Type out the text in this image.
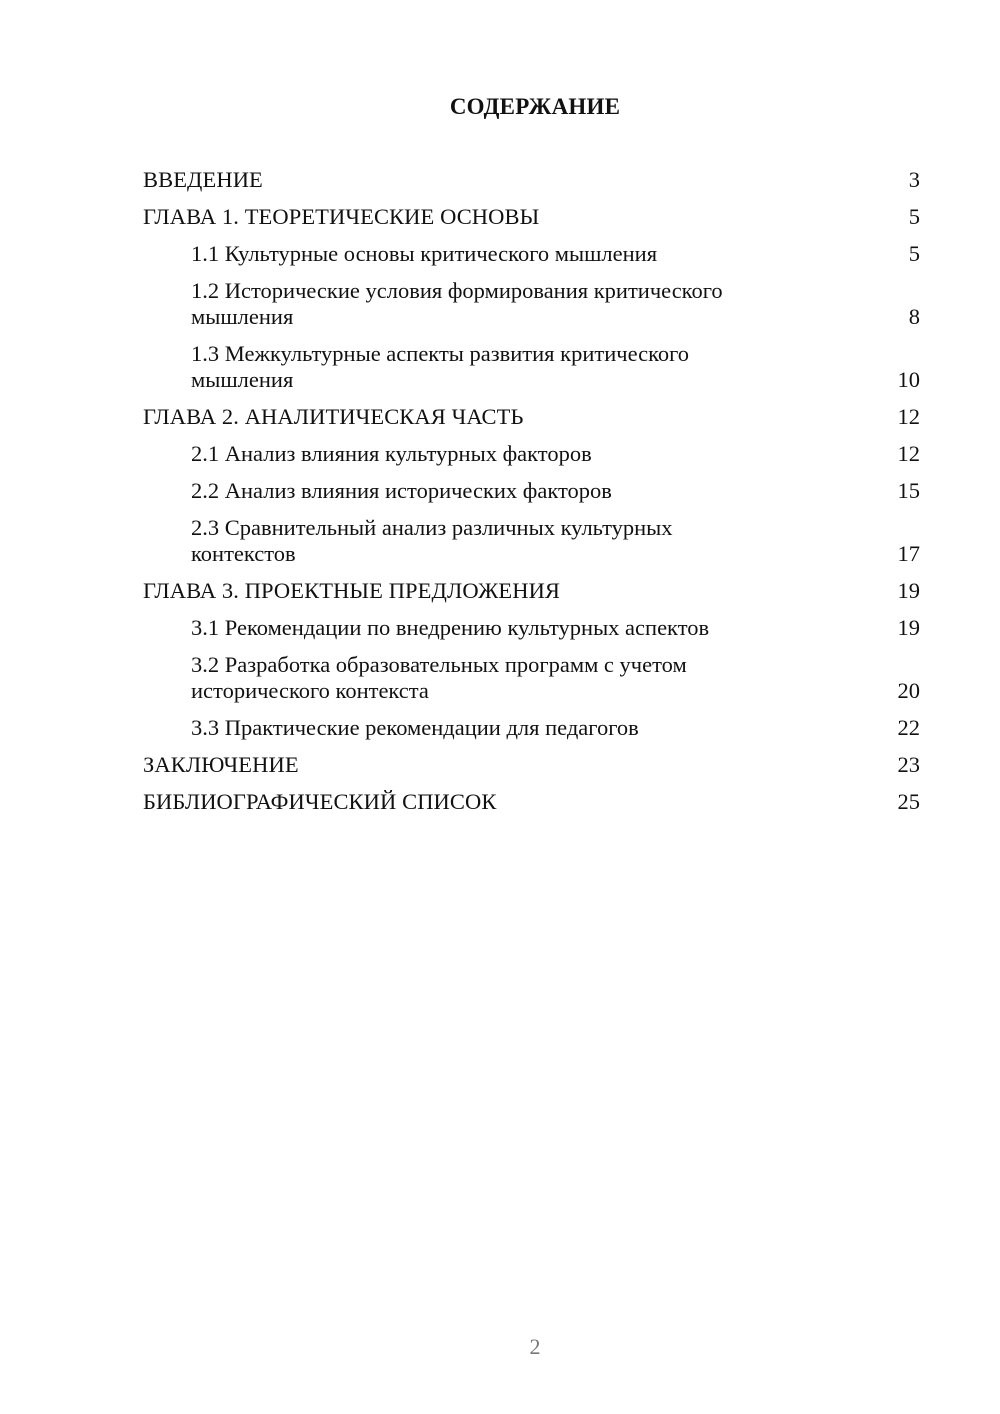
СОДЕРЖАНИЕ
ВВЕДЕНИЕ	3
ГЛАВА 1. ТЕОРЕТИЧЕСКИЕ ОСНОВЫ	5
1.1 Культурные основы критического мышления	5
1.2 Исторические условия формирования критического мышления	8
1.3 Межкультурные аспекты развития критического мышления	10
ГЛАВА 2. АНАЛИТИЧЕСКАЯ ЧАСТЬ	12
2.1 Анализ влияния культурных факторов	12
2.2 Анализ влияния исторических факторов	15
2.3 Сравнительный анализ различных культурных контекстов	17
ГЛАВА 3. ПРОЕКТНЫЕ ПРЕДЛОЖЕНИЯ	19
3.1 Рекомендации по внедрению культурных аспектов	19
3.2 Разработка образовательных программ с учетом исторического контекста	20
3.3 Практические рекомендации для педагогов	22
ЗАКЛЮЧЕНИЕ	23
БИБЛИОГРАФИЧЕСКИЙ СПИСОК	25
2
